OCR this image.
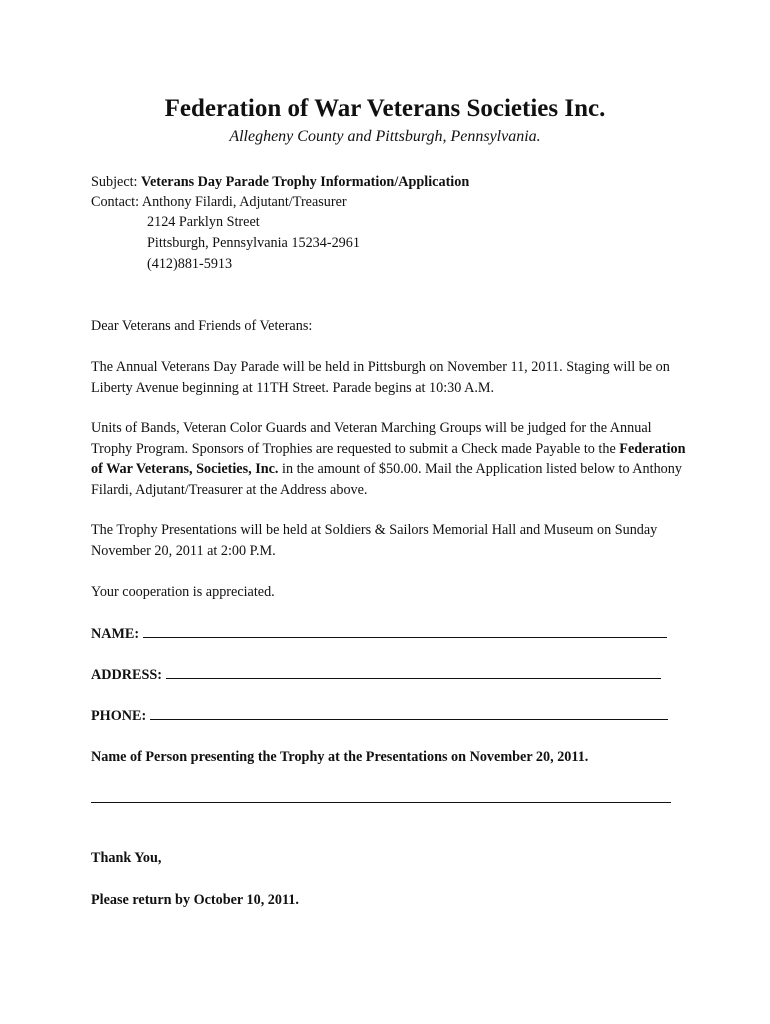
Federation of War Veterans Societies Inc.
Allegheny County and Pittsburgh, Pennsylvania.
Subject: Veterans Day Parade Trophy Information/Application
Contact: Anthony Filardi, Adjutant/Treasurer
2124 Parklyn Street
Pittsburgh, Pennsylvania 15234-2961
(412)881-5913
Dear Veterans and Friends of Veterans:
The Annual Veterans Day Parade will be held in Pittsburgh on November 11, 2011. Staging will be on Liberty Avenue beginning at 11TH Street. Parade begins at 10:30 A.M.
Units of Bands, Veteran Color Guards and Veteran Marching Groups will be judged for the Annual Trophy Program. Sponsors of Trophies are requested to submit a Check made Payable to the Federation of War Veterans, Societies, Inc. in the amount of $50.00. Mail the Application listed below to Anthony Filardi, Adjutant/Treasurer at the Address above.
The Trophy Presentations will be held at Soldiers & Sailors Memorial Hall and Museum on Sunday November 20, 2011 at 2:00 P.M.
Your cooperation is appreciated.
NAME:
ADDRESS:
PHONE:
Name of Person presenting the Trophy at the Presentations on November 20, 2011.
Thank You,
Please return by October 10, 2011.
